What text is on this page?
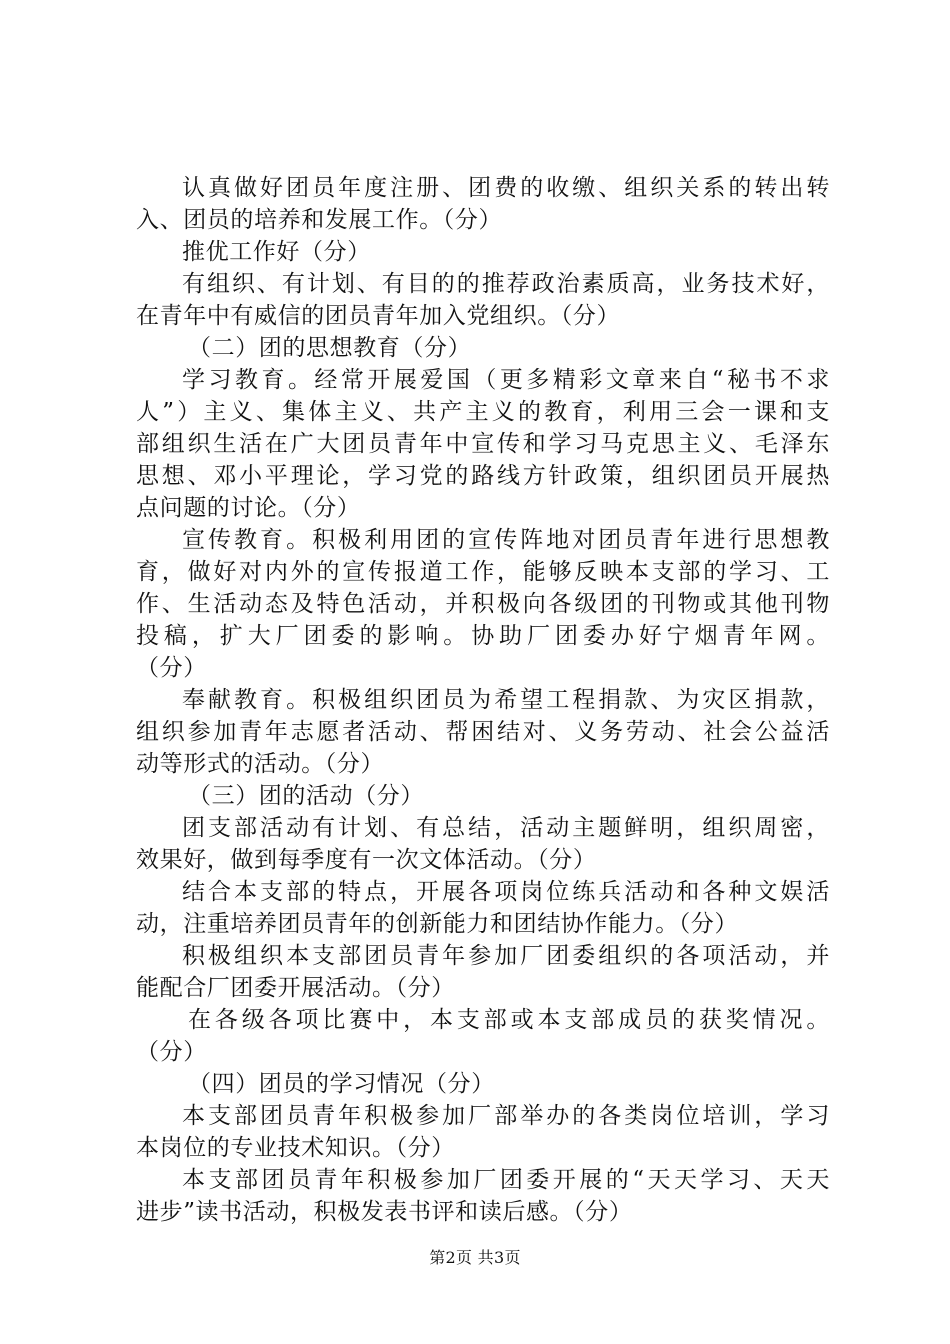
认真做好团员年度注册、团费的收缴、组织关系的转出转
入、团员的培养和发展工作。（分）
推优工作好（分）
有组织、有计划、有目的的推荐政治素质高，业务技术好，
在青年中有威信的团员青年加入党组织。（分）
（二）团的思想教育（分）
学习教育。经常开展爱国（更多精彩文章来自“秘书不求
人”）主义、集体主义、共产主义的教育，利用三会一课和支
部组织生活在广大团员青年中宣传和学习马克思主义、毛泽东
思想、邓小平理论，学习党的路线方针政策，组织团员开展热
点问题的讨论。（分）
宣传教育。积极利用团的宣传阵地对团员青年进行思想教
育，做好对内外的宣传报道工作，能够反映本支部的学习、工
作、生活动态及特色活动，并积极向各级团的刊物或其他刊物
投稿，扩大厂团委的影响。协助厂团委办好宁烟青年网。
（分）
奉献教育。积极组织团员为希望工程捐款、为灾区捐款，
组织参加青年志愿者活动、帮困结对、义务劳动、社会公益活
动等形式的活动。（分）
（三）团的活动（分）
团支部活动有计划、有总结，活动主题鲜明，组织周密，
效果好，做到每季度有一次文体活动。（分）
结合本支部的特点，开展各项岗位练兵活动和各种文娱活
动，注重培养团员青年的创新能力和团结协作能力。（分）
积极组织本支部团员青年参加厂团委组织的各项活动，并
能配合厂团委开展活动。（分）
在各级各项比赛中，本支部或本支部成员的获奖情况。
（分）
（四）团员的学习情况（分）
本支部团员青年积极参加厂部举办的各类岗位培训，学习
本岗位的专业技术知识。（分）
本支部团员青年积极参加厂团委开展的“天天学习、天天
进步”读书活动，积极发表书评和读后感。（分）
第2页 共3页
